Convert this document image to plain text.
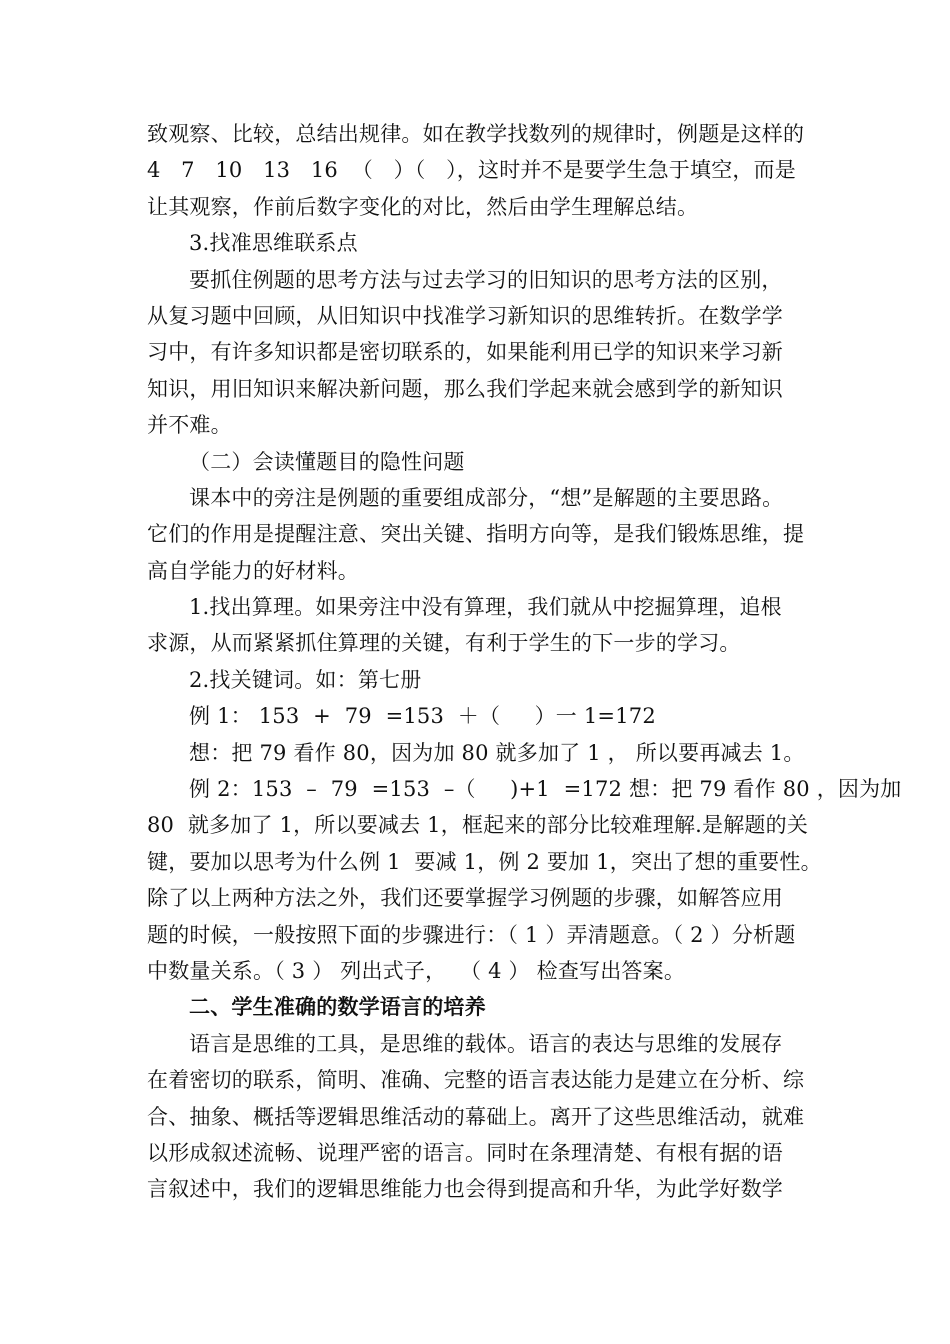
致观察、比较，总结出规律。如在教学找数列的规律时，例题是这样的
4   7   10   13   16  （   ）（   ），这时并不是要学生急于填空，而是
让其观察，作前后数字变化的对比，然后由学生理解总结。
3.找准思维联系点
要抓住例题的思考方法与过去学习的旧知识的思考方法的区别，
从复习题中回顾，从旧知识中找准学习新知识的思维转折。在数学学
习中，有许多知识都是密切联系的，如果能利用已学的知识来学习新
知识，用旧知识来解决新问题，那么我们学起来就会感到学的新知识
并不难。
（二）会读懂题目的隐性问题
课本中的旁注是例题的重要组成部分，“想”是解题的主要思路。
它们的作用是提醒注意、突出关键、指明方向等，是我们锻炼思维，提
高自学能力的好材料。
1.找出算理。如果旁注中没有算理，我们就从中挖掘算理，追根
求源，从而紧紧抓住算理的关键，有利于学生的下一步的学习。
2.找关键词。如：第七册
例 1： 153  +  79  =153  ＋（     ）一 1=172
想：把 79 看作 80，因为加 80 就多加了 1 ， 所以要再减去 1。
例 2：153  –  79  =153  –（     )+1  =172 想：把 79 看作 80 ，因为加
80  就多加了 1，所以要减去 1，框起来的部分比较难理解.是解题的关
键，要加以思考为什么例 1  要减 1，例 2 要加 1，突出了想的重要性。
除了以上两种方法之外，我们还要掌握学习例题的步骤，如解答应用
题的时候，一般按照下面的步骤进行：（ 1 ）弄清题意。（ 2 ）分析题
中数量关系。（ 3 ） 列出式子，  （ 4 ） 检查写出答案。
二、学生准确的数学语言的培养
语言是思维的工具，是思维的载体。语言的表达与思维的发展存
在着密切的联系，简明、准确、完整的语言表达能力是建立在分析、综
合、抽象、概括等逻辑思维活动的幕础上。离开了这些思维活动，就难
以形成叙述流畅、说理严密的语言。同时在条理清楚、有根有据的语
言叙述中，我们的逻辑思维能力也会得到提高和升华，为此学好数学
